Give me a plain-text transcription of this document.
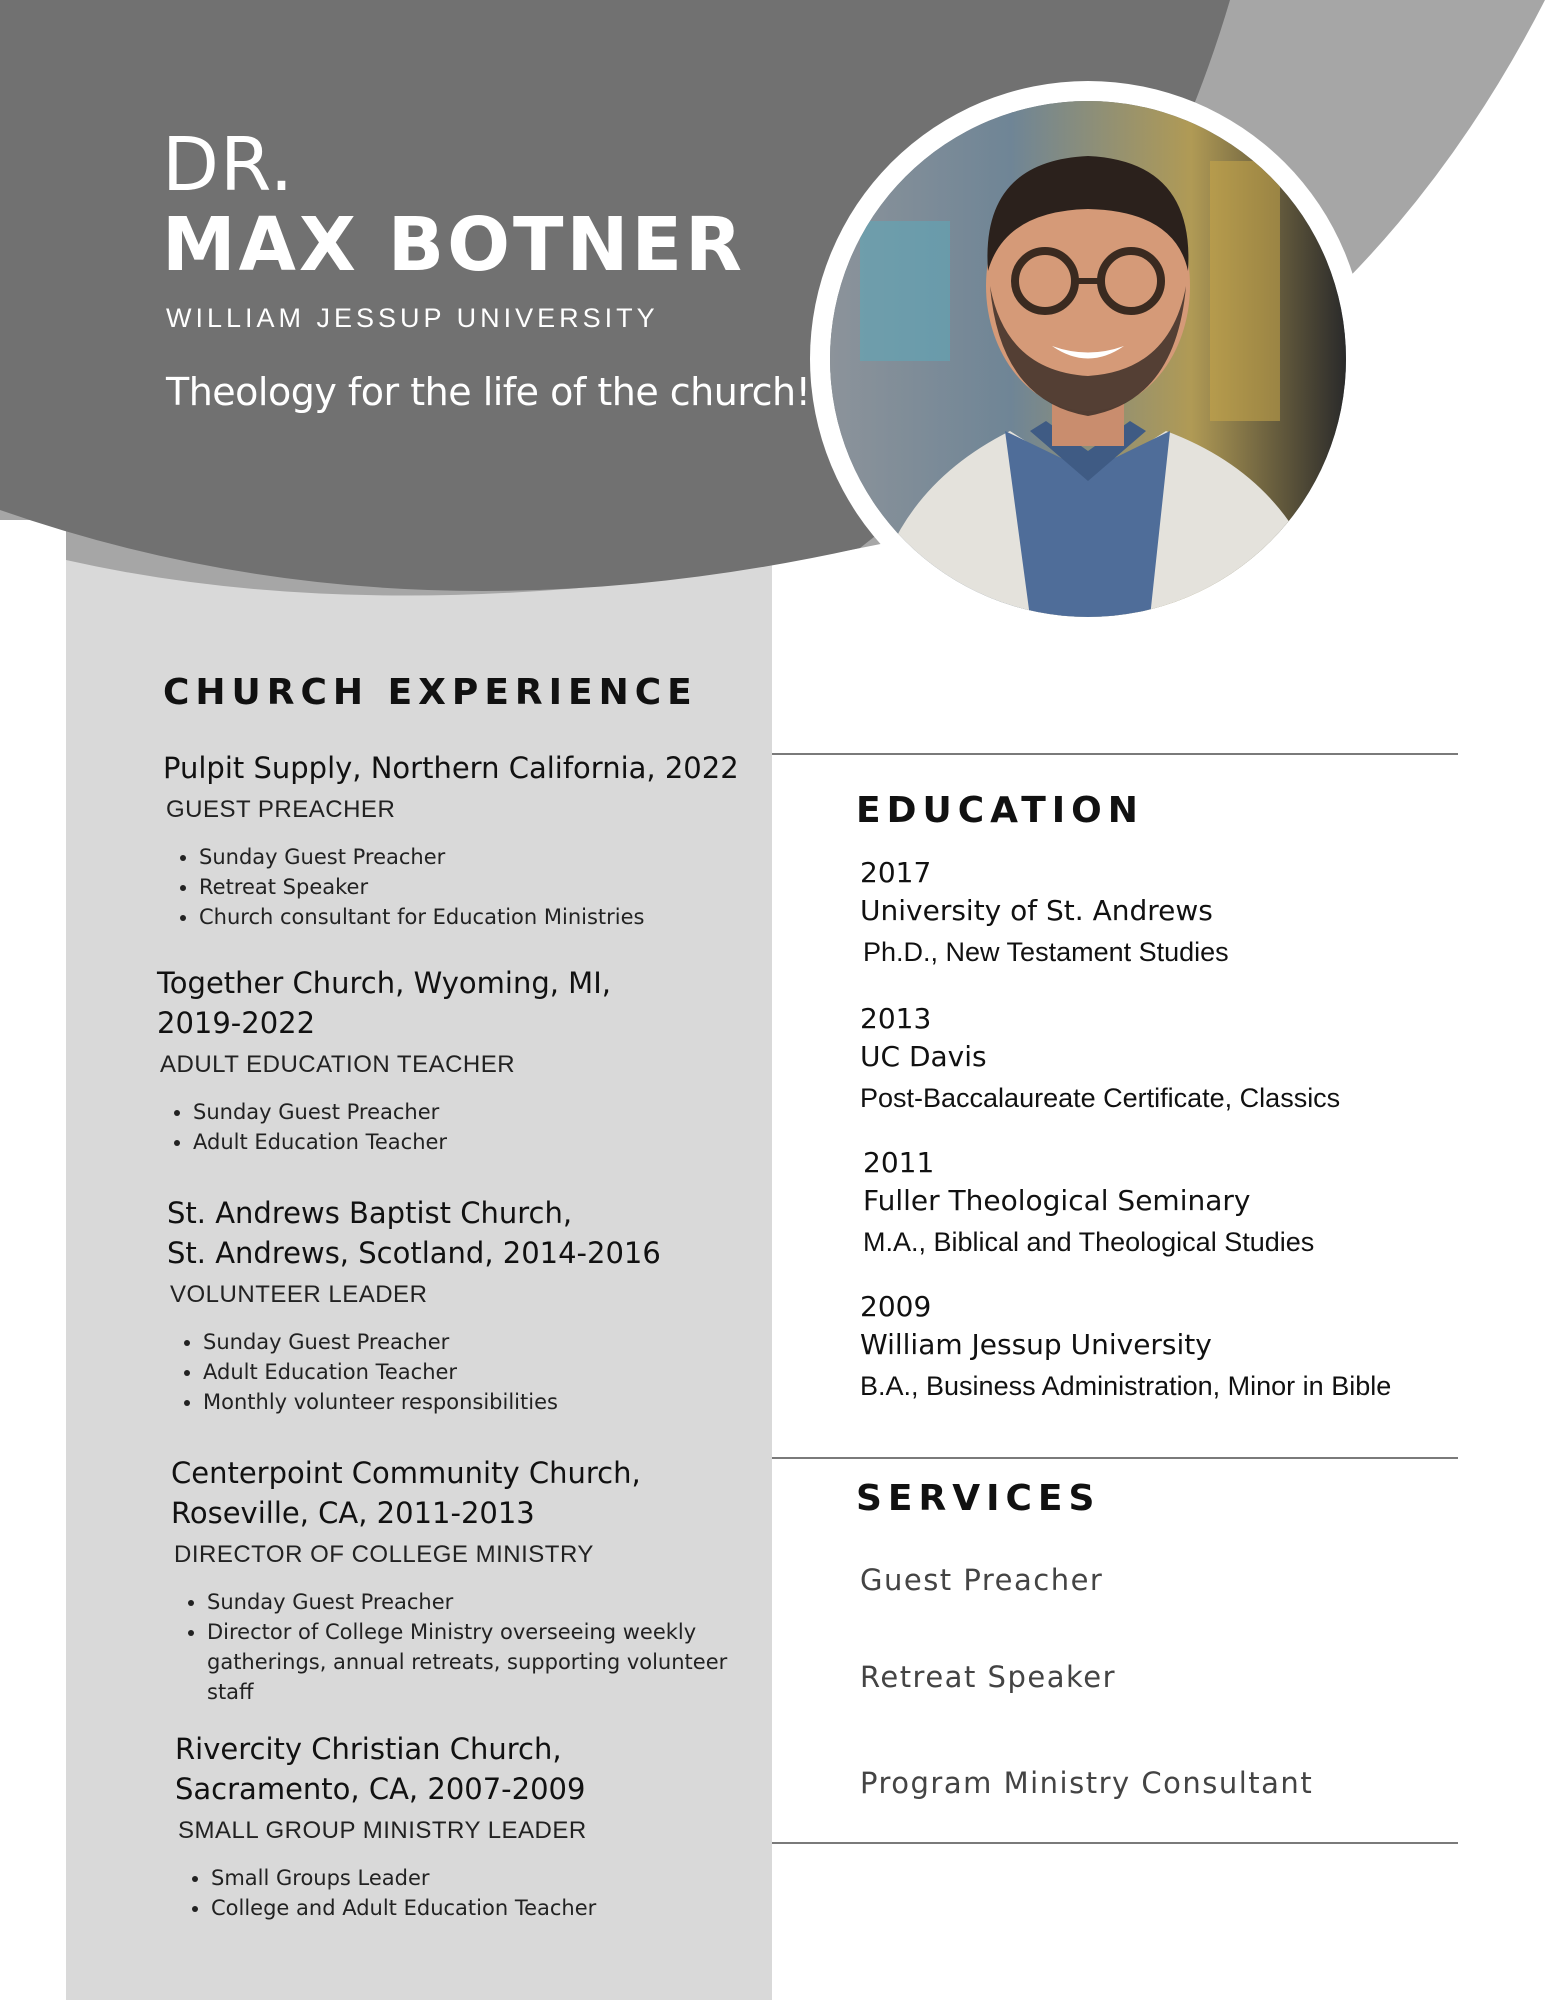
DR.
MAX BOTNER
WILLIAM JESSUP UNIVERSITY
Theology for the life of the church!
CHURCH EXPERIENCE
Pulpit Supply, Northern California, 2022
GUEST PREACHER
• Sunday Guest Preacher
• Retreat Speaker
• Church consultant for Education Ministries
Together Church, Wyoming, MI,
2019-2022
ADULT EDUCATION TEACHER
• Sunday Guest Preacher
• Adult Education Teacher
St. Andrews Baptist Church,
St. Andrews, Scotland, 2014-2016
VOLUNTEER LEADER
• Sunday Guest Preacher
• Adult Education Teacher
• Monthly volunteer responsibilities
Centerpoint Community Church,
Roseville, CA, 2011-2013
DIRECTOR OF COLLEGE MINISTRY
• Sunday Guest Preacher
• Director of College Ministry overseeing weekly gatherings, annual retreats, supporting volunteer staff
Rivercity Christian Church,
Sacramento, CA, 2007-2009
SMALL GROUP MINISTRY LEADER
• Small Groups Leader
• College and Adult Education Teacher
EDUCATION
2017
University of St. Andrews
Ph.D., New Testament Studies
2013
UC Davis
Post-Baccalaureate Certificate, Classics
2011
Fuller Theological Seminary
M.A., Biblical and Theological Studies
2009
William Jessup University
B.A., Business Administration, Minor in Bible
SERVICES
Guest Preacher
Retreat Speaker
Program Ministry Consultant
